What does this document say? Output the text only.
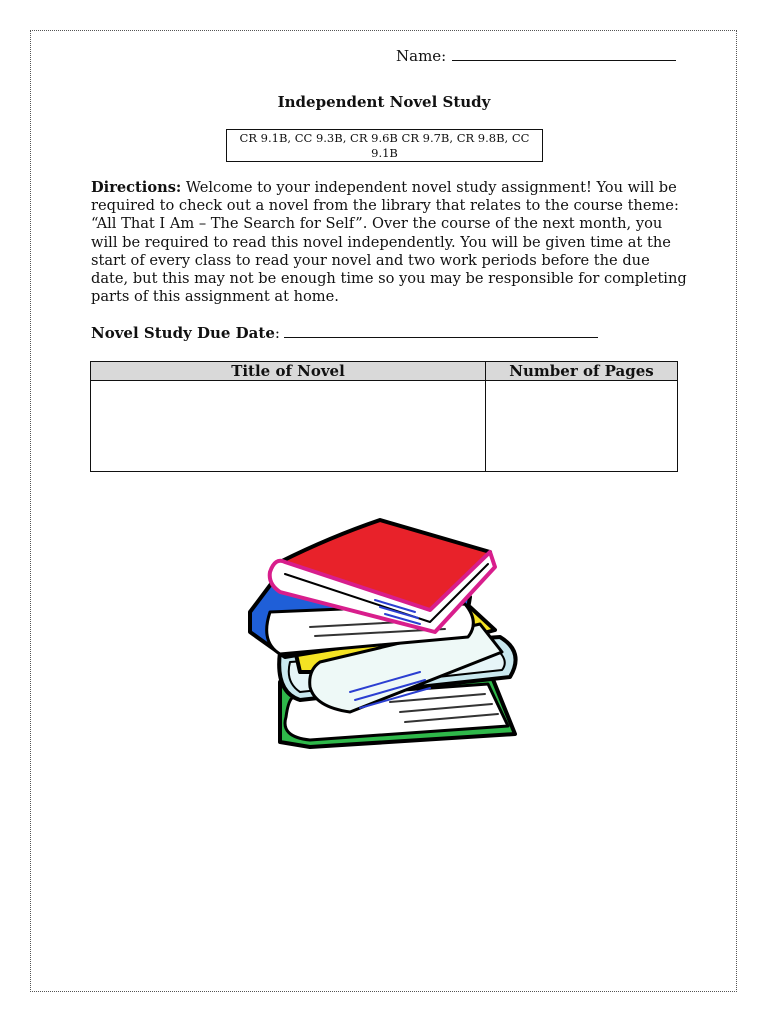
Name:
Independent Novel Study
CR 9.1B, CC 9.3B, CR 9.6B CR 9.7B, CR 9.8B, CC 9.1B
Directions: Welcome to your independent novel study assignment! You will be required to check out a novel from the library that relates to the course theme: “All That I Am – The Search for Self”. Over the course of the next month, you will be required to read this novel independently. You will be given time at the start of every class to read your novel and two work periods before the due date, but this may not be enough time so you may be responsible for completing parts of this assignment at home.
Novel Study Due Date:
Title of Novel	Number of Pages
